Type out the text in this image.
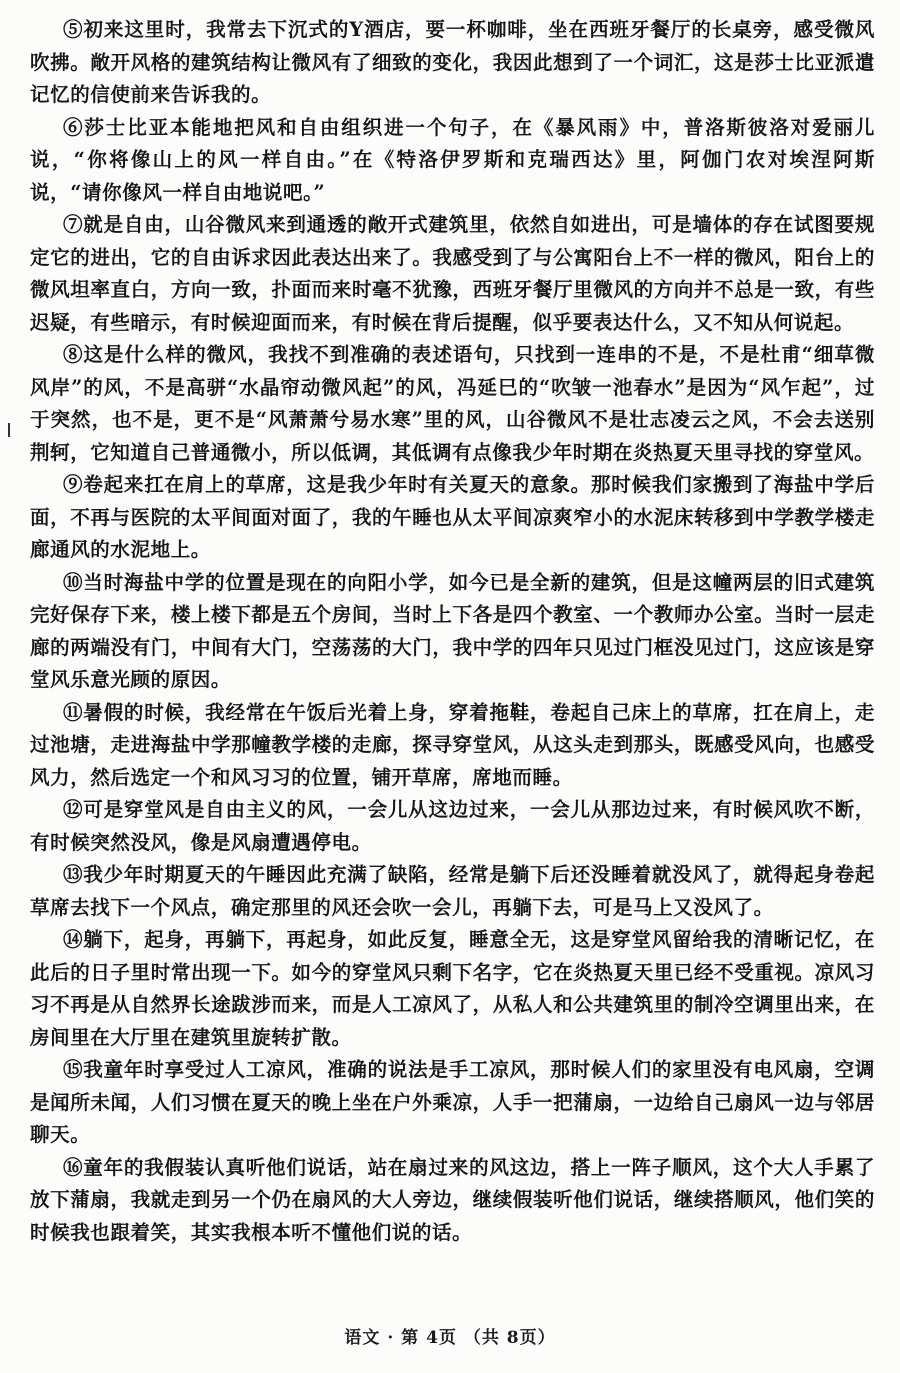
⑤初来这里时，我常去下沉式的Y酒店，要一杯咖啡，坐在西班牙餐厅的长桌旁，感受微风吹拂。敞开风格的建筑结构让微风有了细致的变化，我因此想到了一个词汇，这是莎士比亚派遣记忆的信使前来告诉我的。

⑥莎士比亚本能地把风和自由组织进一个句子，在《暴风雨》中，普洛斯彼洛对爱丽儿说，“你将像山上的风一样自由。”在《特洛伊罗斯和克瑞西达》里，阿伽门农对埃涅阿斯说，“请你像风一样自由地说吧。”

⑦就是自由，山谷微风来到通透的敞开式建筑里，依然自如进出，可是墙体的存在试图要规定它的进出，它的自由诉求因此表达出来了。我感受到了与公寓阳台上不一样的微风，阳台上的微风坦率直白，方向一致，扑面而来时毫不犹豫，西班牙餐厅里微风的方向并不总是一致，有些迟疑，有些暗示，有时候迎面而来，有时候在背后提醒，似乎要表达什么，又不知从何说起。

⑧这是什么样的微风，我找不到准确的表述语句，只找到一连串的不是，不是杜甫“细草微风岸”的风，不是高骈“水晶帘动微风起”的风，冯延巳的“吹皱一池春水”是因为“风乍起”，过于突然，也不是，更不是“风萧萧兮易水寒”里的风，山谷微风不是壮志凌云之风，不会去送别荆轲，它知道自己普通微小，所以低调，其低调有点像我少年时期在炎热夏天里寻找的穿堂风。

⑨卷起来扛在肩上的草席，这是我少年时有关夏天的意象。那时候我们家搬到了海盐中学后面，不再与医院的太平间面对面了，我的午睡也从太平间凉爽窄小的水泥床转移到中学教学楼走廊通风的水泥地上。

⑩当时海盐中学的位置是现在的向阳小学，如今已是全新的建筑，但是这幢两层的旧式建筑完好保存下来，楼上楼下都是五个房间，当时上下各是四个教室、一个教师办公室。当时一层走廊的两端没有门，中间有大门，空荡荡的大门，我中学的四年只见过门框没见过门，这应该是穿堂风乐意光顾的原因。

⑪暑假的时候，我经常在午饭后光着上身，穿着拖鞋，卷起自己床上的草席，扛在肩上，走过池塘，走进海盐中学那幢教学楼的走廊，探寻穿堂风，从这头走到那头，既感受风向，也感受风力，然后选定一个和风习习的位置，铺开草席，席地而睡。

⑫可是穿堂风是自由主义的风，一会儿从这边过来，一会儿从那边过来，有时候风吹不断，有时候突然没风，像是风扇遭遇停电。

⑬我少年时期夏天的午睡因此充满了缺陷，经常是躺下后还没睡着就没风了，就得起身卷起草席去找下一个风点，确定那里的风还会吹一会儿，再躺下去，可是马上又没风了。

⑭躺下，起身，再躺下，再起身，如此反复，睡意全无，这是穿堂风留给我的清晰记忆，在此后的日子里时常出现一下。如今的穿堂风只剩下名字，它在炎热夏天里已经不受重视。凉风习习不再是从自然界长途跋涉而来，而是人工凉风了，从私人和公共建筑里的制冷空调里出来，在房间里在大厅里在建筑里旋转扩散。

⑮我童年时享受过人工凉风，准确的说法是手工凉风，那时候人们的家里没有电风扇，空调是闻所未闻，人们习惯在夏天的晚上坐在户外乘凉，人手一把蒲扇，一边给自己扇风一边与邻居聊天。

⑯童年的我假装认真听他们说话，站在扇过来的风这边，搭上一阵子顺风，这个大人手累了放下蒲扇，我就走到另一个仍在扇风的大人旁边，继续假装听他们说话，继续搭顺风，他们笑的时候我也跟着笑，其实我根本听不懂他们说的话。

语文 · 第 4页 （共 8页）
